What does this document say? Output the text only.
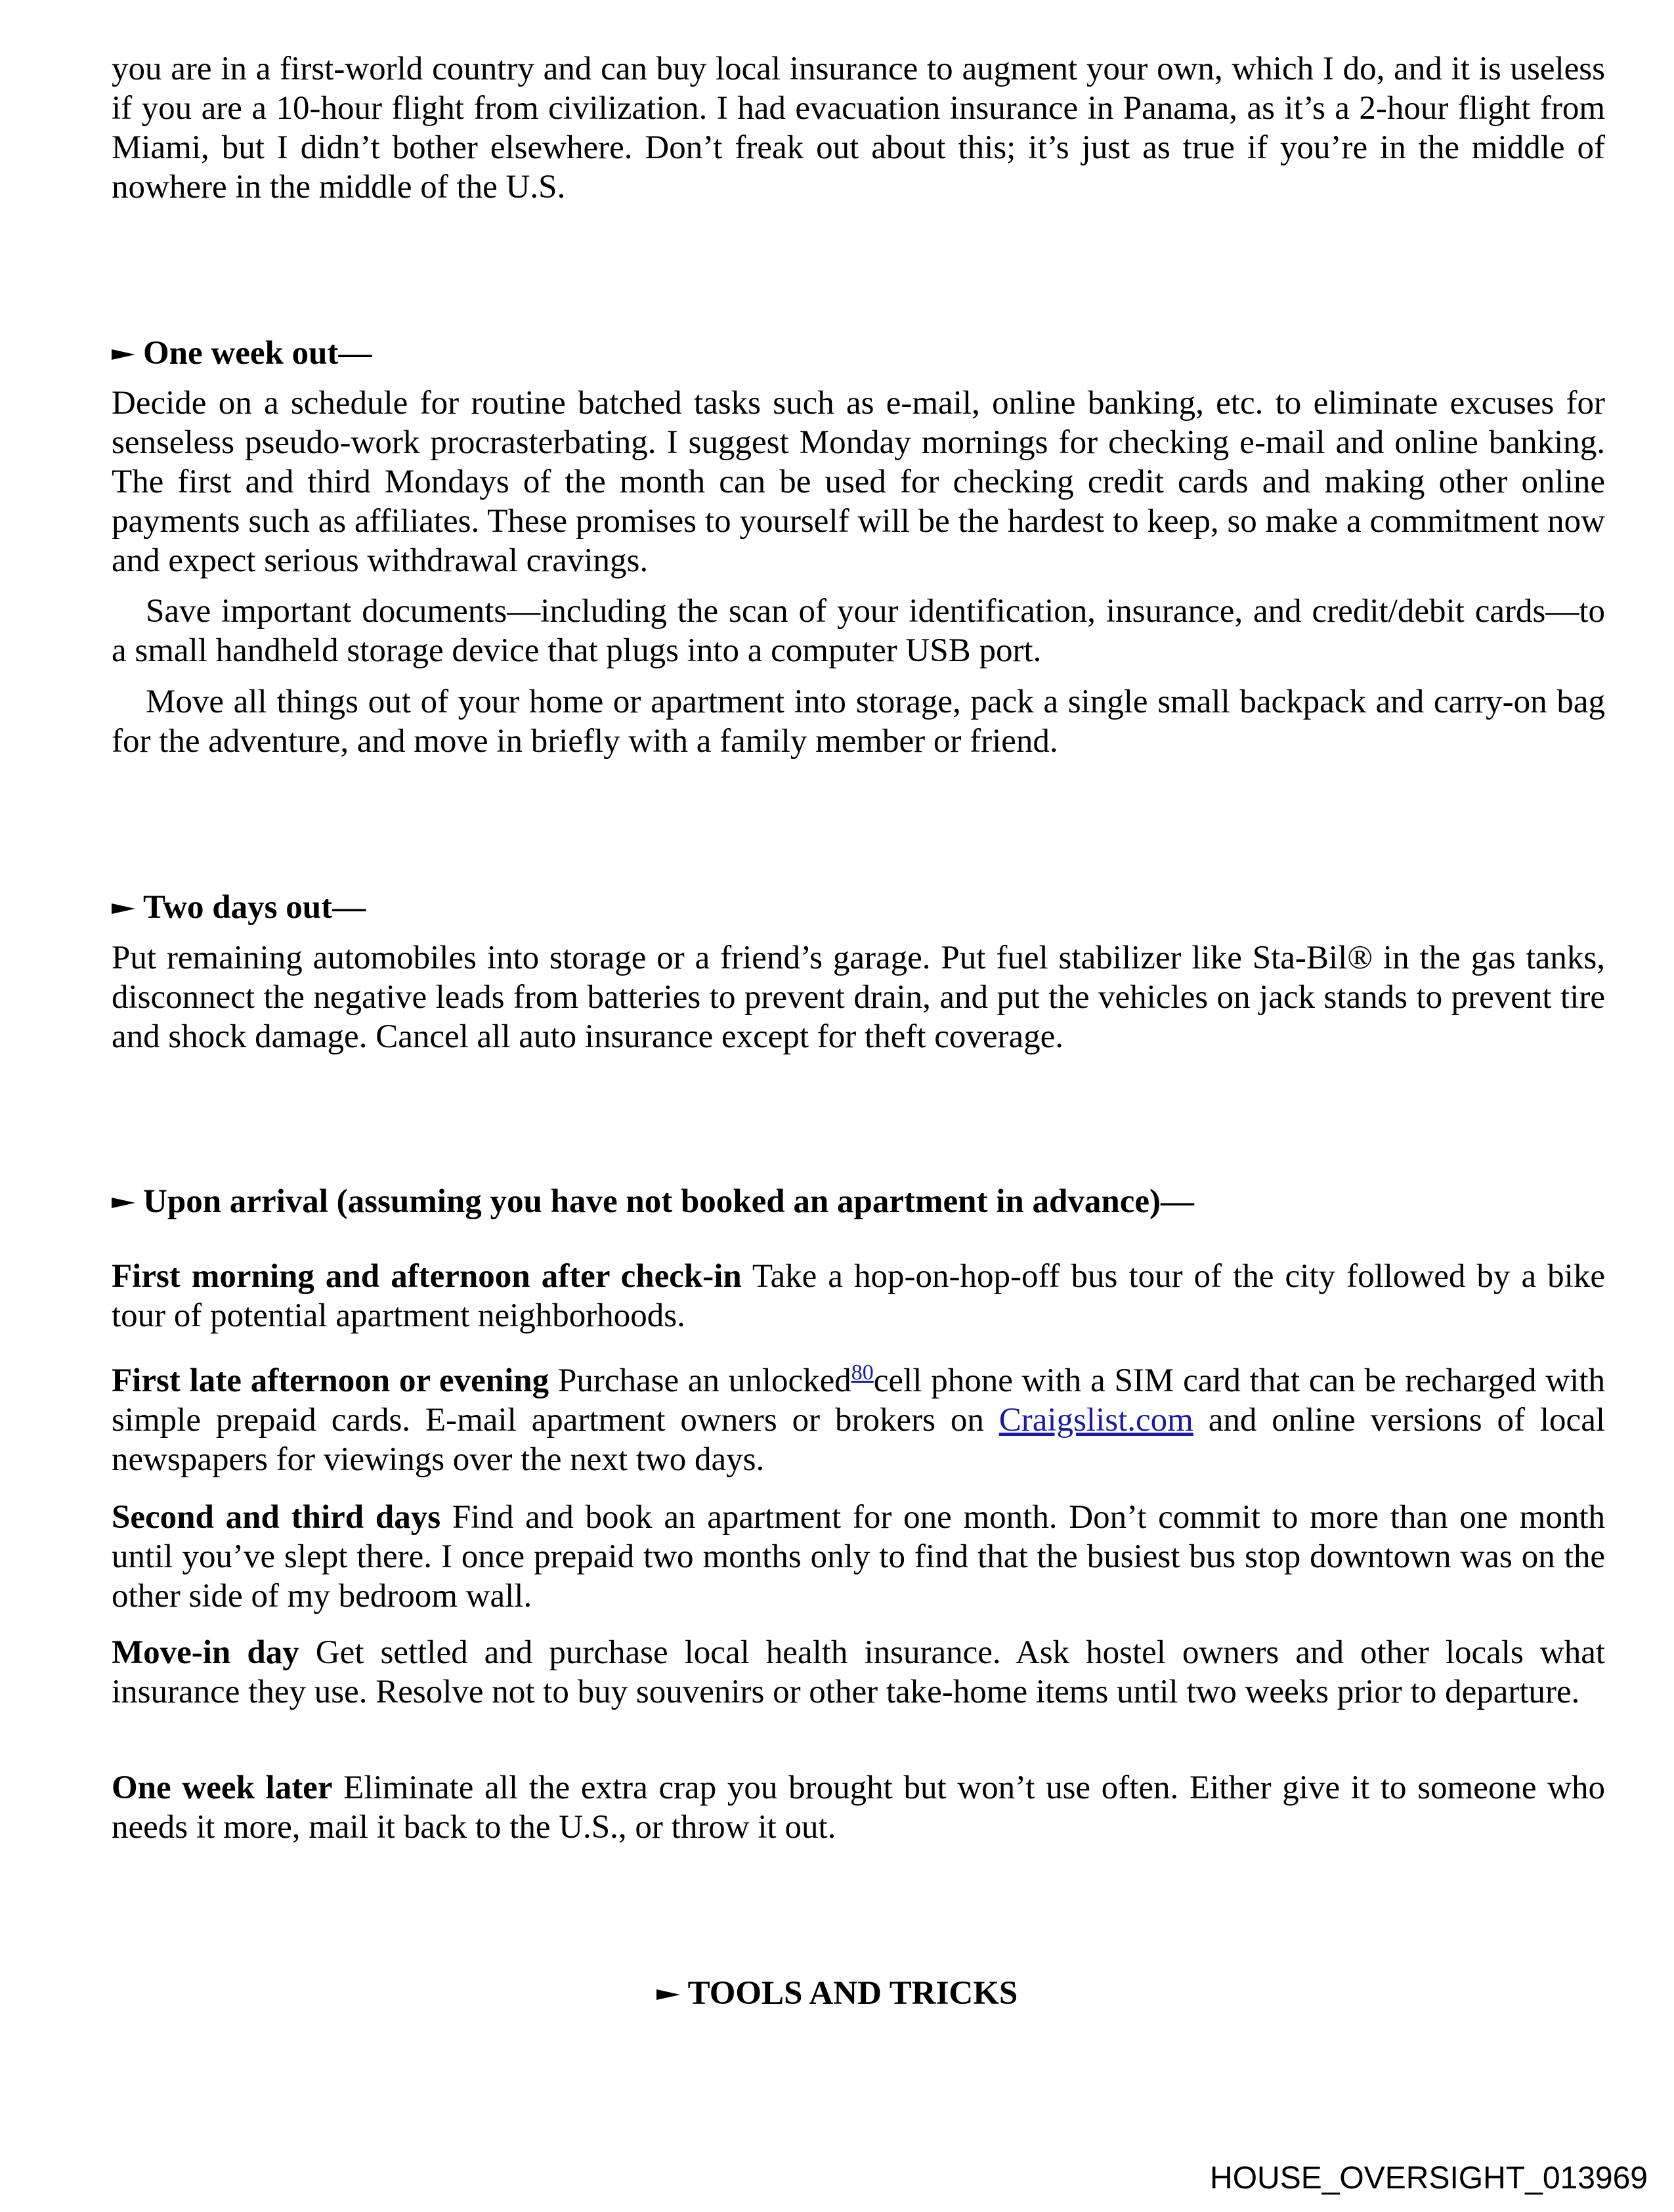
you are in a first-world country and can buy local insurance to augment your own, which I do, and it is useless if you are a 10-hour flight from civilization. I had evacuation insurance in Panama, as it’s a 2-hour flight from Miami, but I didn’t bother elsewhere. Don’t freak out about this; it’s just as true if you’re in the middle of nowhere in the middle of the U.S.
One week out—
Decide on a schedule for routine batched tasks such as e-mail, online banking, etc. to eliminate excuses for senseless pseudo-work procrasterbating. I suggest Monday mornings for checking e-mail and online banking. The first and third Mondays of the month can be used for checking credit cards and making other online payments such as affiliates. These promises to yourself will be the hardest to keep, so make a commitment now and expect serious withdrawal cravings.
Save important documents—including the scan of your identification, insurance, and credit/debit cards—to a small handheld storage device that plugs into a computer USB port.
Move all things out of your home or apartment into storage, pack a single small backpack and carry-on bag for the adventure, and move in briefly with a family member or friend.
Two days out—
Put remaining automobiles into storage or a friend’s garage. Put fuel stabilizer like Sta-Bil® in the gas tanks, disconnect the negative leads from batteries to prevent drain, and put the vehicles on jack stands to prevent tire and shock damage. Cancel all auto insurance except for theft coverage.
Upon arrival (assuming you have not booked an apartment in advance)—
First morning and afternoon after check-in Take a hop-on-hop-off bus tour of the city followed by a bike tour of potential apartment neighborhoods.
First late afternoon or evening Purchase an unlocked$^{80}$cell phone with a SIM card that can be recharged with simple prepaid cards. E-mail apartment owners or brokers on Craigslist.com and online versions of local newspapers for viewings over the next two days.
Second and third days Find and book an apartment for one month. Don’t commit to more than one month until you’ve slept there. I once prepaid two months only to find that the busiest bus stop downtown was on the other side of my bedroom wall.
Move-in day Get settled and purchase local health insurance. Ask hostel owners and other locals what insurance they use. Resolve not to buy souvenirs or other take-home items until two weeks prior to departure.
One week later Eliminate all the extra crap you brought but won’t use often. Either give it to someone who needs it more, mail it back to the U.S., or throw it out.
TOOLS AND TRICKS
HOUSE_OVERSIGHT_013969
